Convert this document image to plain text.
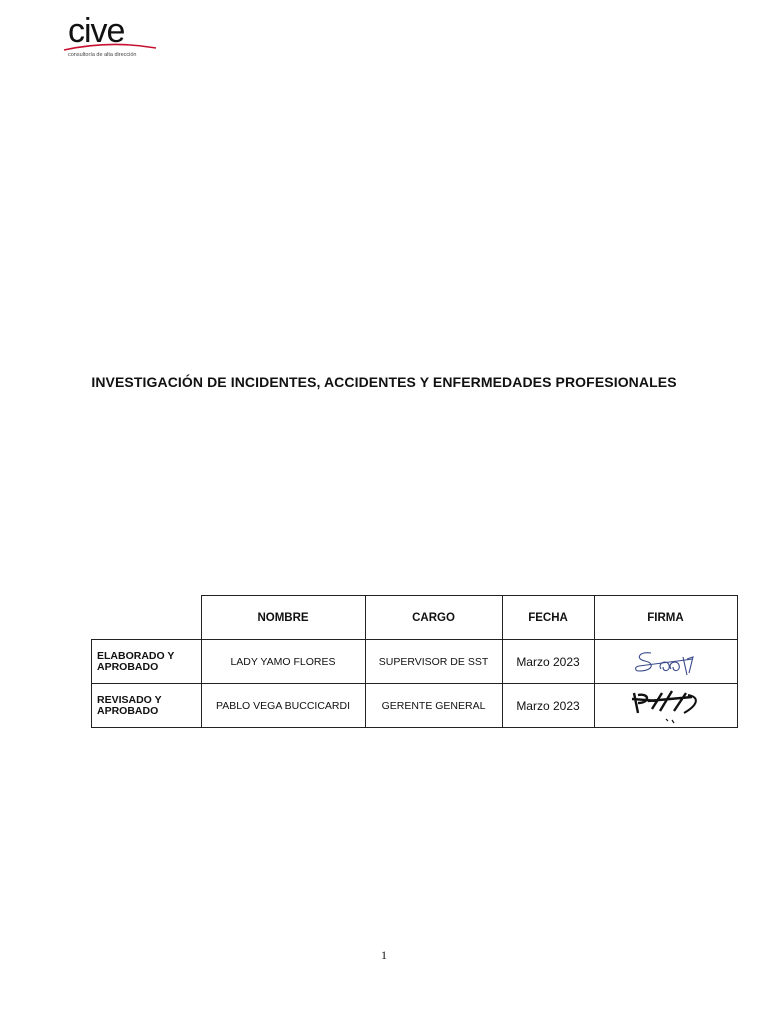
cive
consultoría de alta dirección
INVESTIGACIÓN DE INCIDENTES, ACCIDENTES Y ENFERMEDADES PROFESIONALES
	NOMBRE	CARGO	FECHA	FIRMA
ELABORADO Y APROBADO	LADY YAMO FLORES	SUPERVISOR DE SST	Marzo 2023	

REVISADO Y APROBADO	PABLO VEGA BUCCICARDI	GERENTE GENERAL	Marzo 2023	
1
